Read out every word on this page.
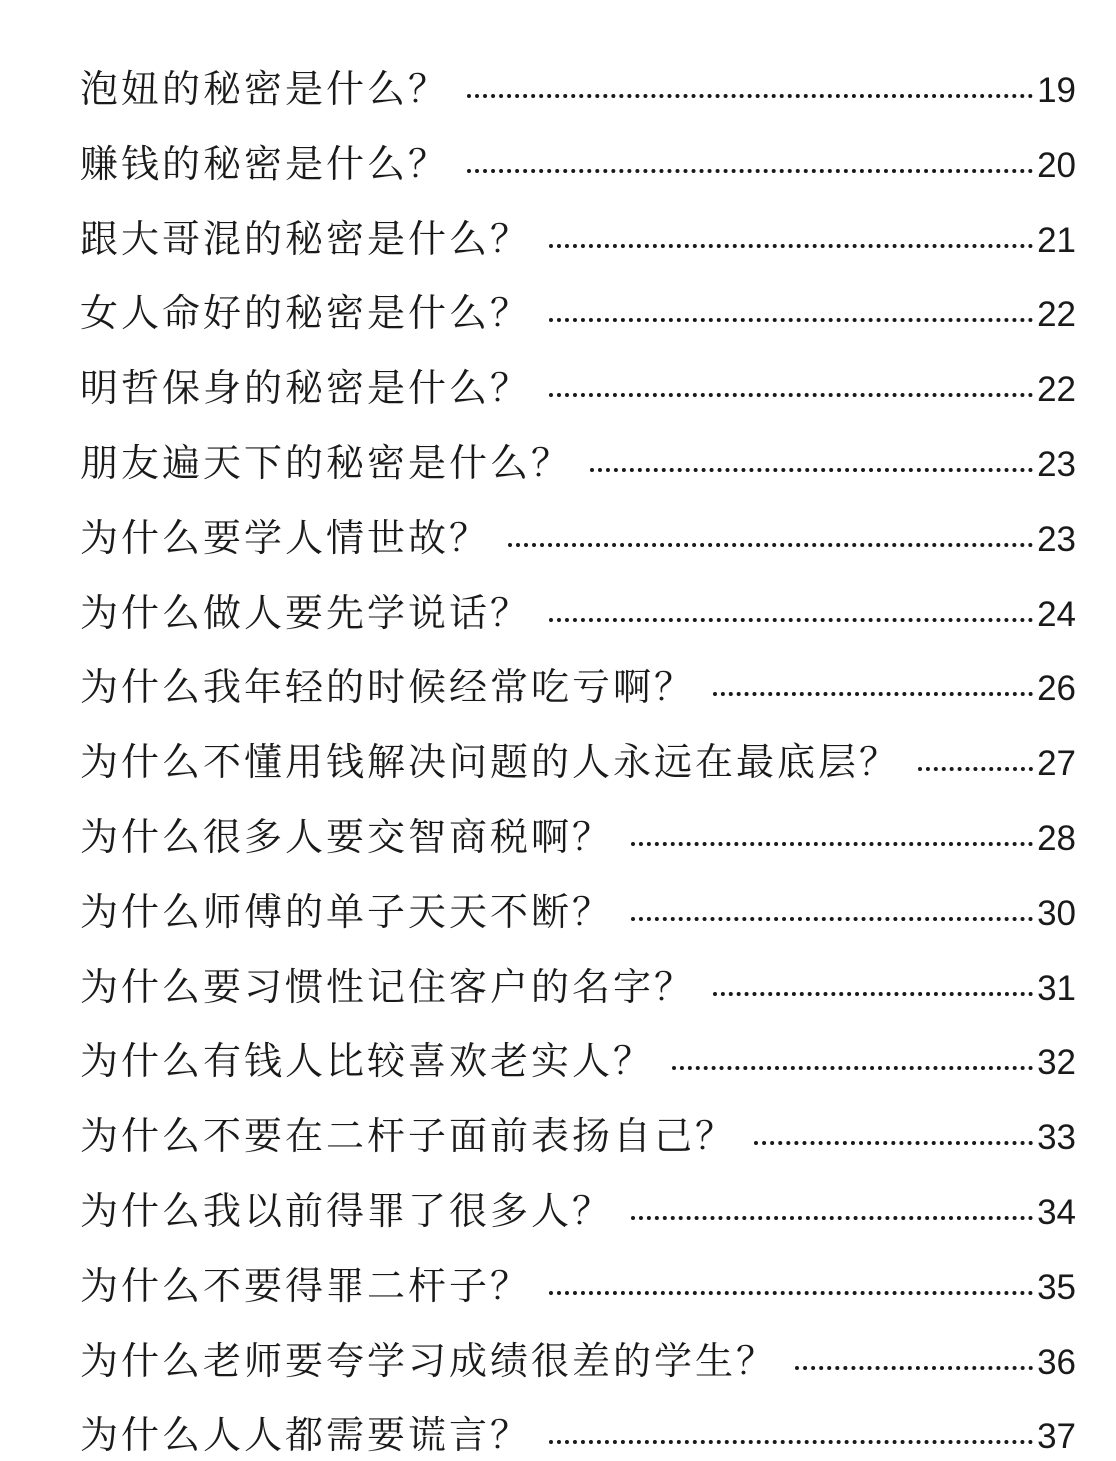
泡妞的秘密是什么？	19
赚钱的秘密是什么？	20
跟大哥混的秘密是什么？	21
女人命好的秘密是什么？	22
明哲保身的秘密是什么？	22
朋友遍天下的秘密是什么？	23
为什么要学人情世故？	23
为什么做人要先学说话？	24
为什么我年轻的时候经常吃亏啊？	26
为什么不懂用钱解决问题的人永远在最底层？	27
为什么很多人要交智商税啊？	28
为什么师傅的单子天天不断？	30
为什么要习惯性记住客户的名字？	31
为什么有钱人比较喜欢老实人？	32
为什么不要在二杆子面前表扬自己？	33
为什么我以前得罪了很多人？	34
为什么不要得罪二杆子？	35
为什么老师要夸学习成绩很差的学生？	36
为什么人人都需要谎言？	37
